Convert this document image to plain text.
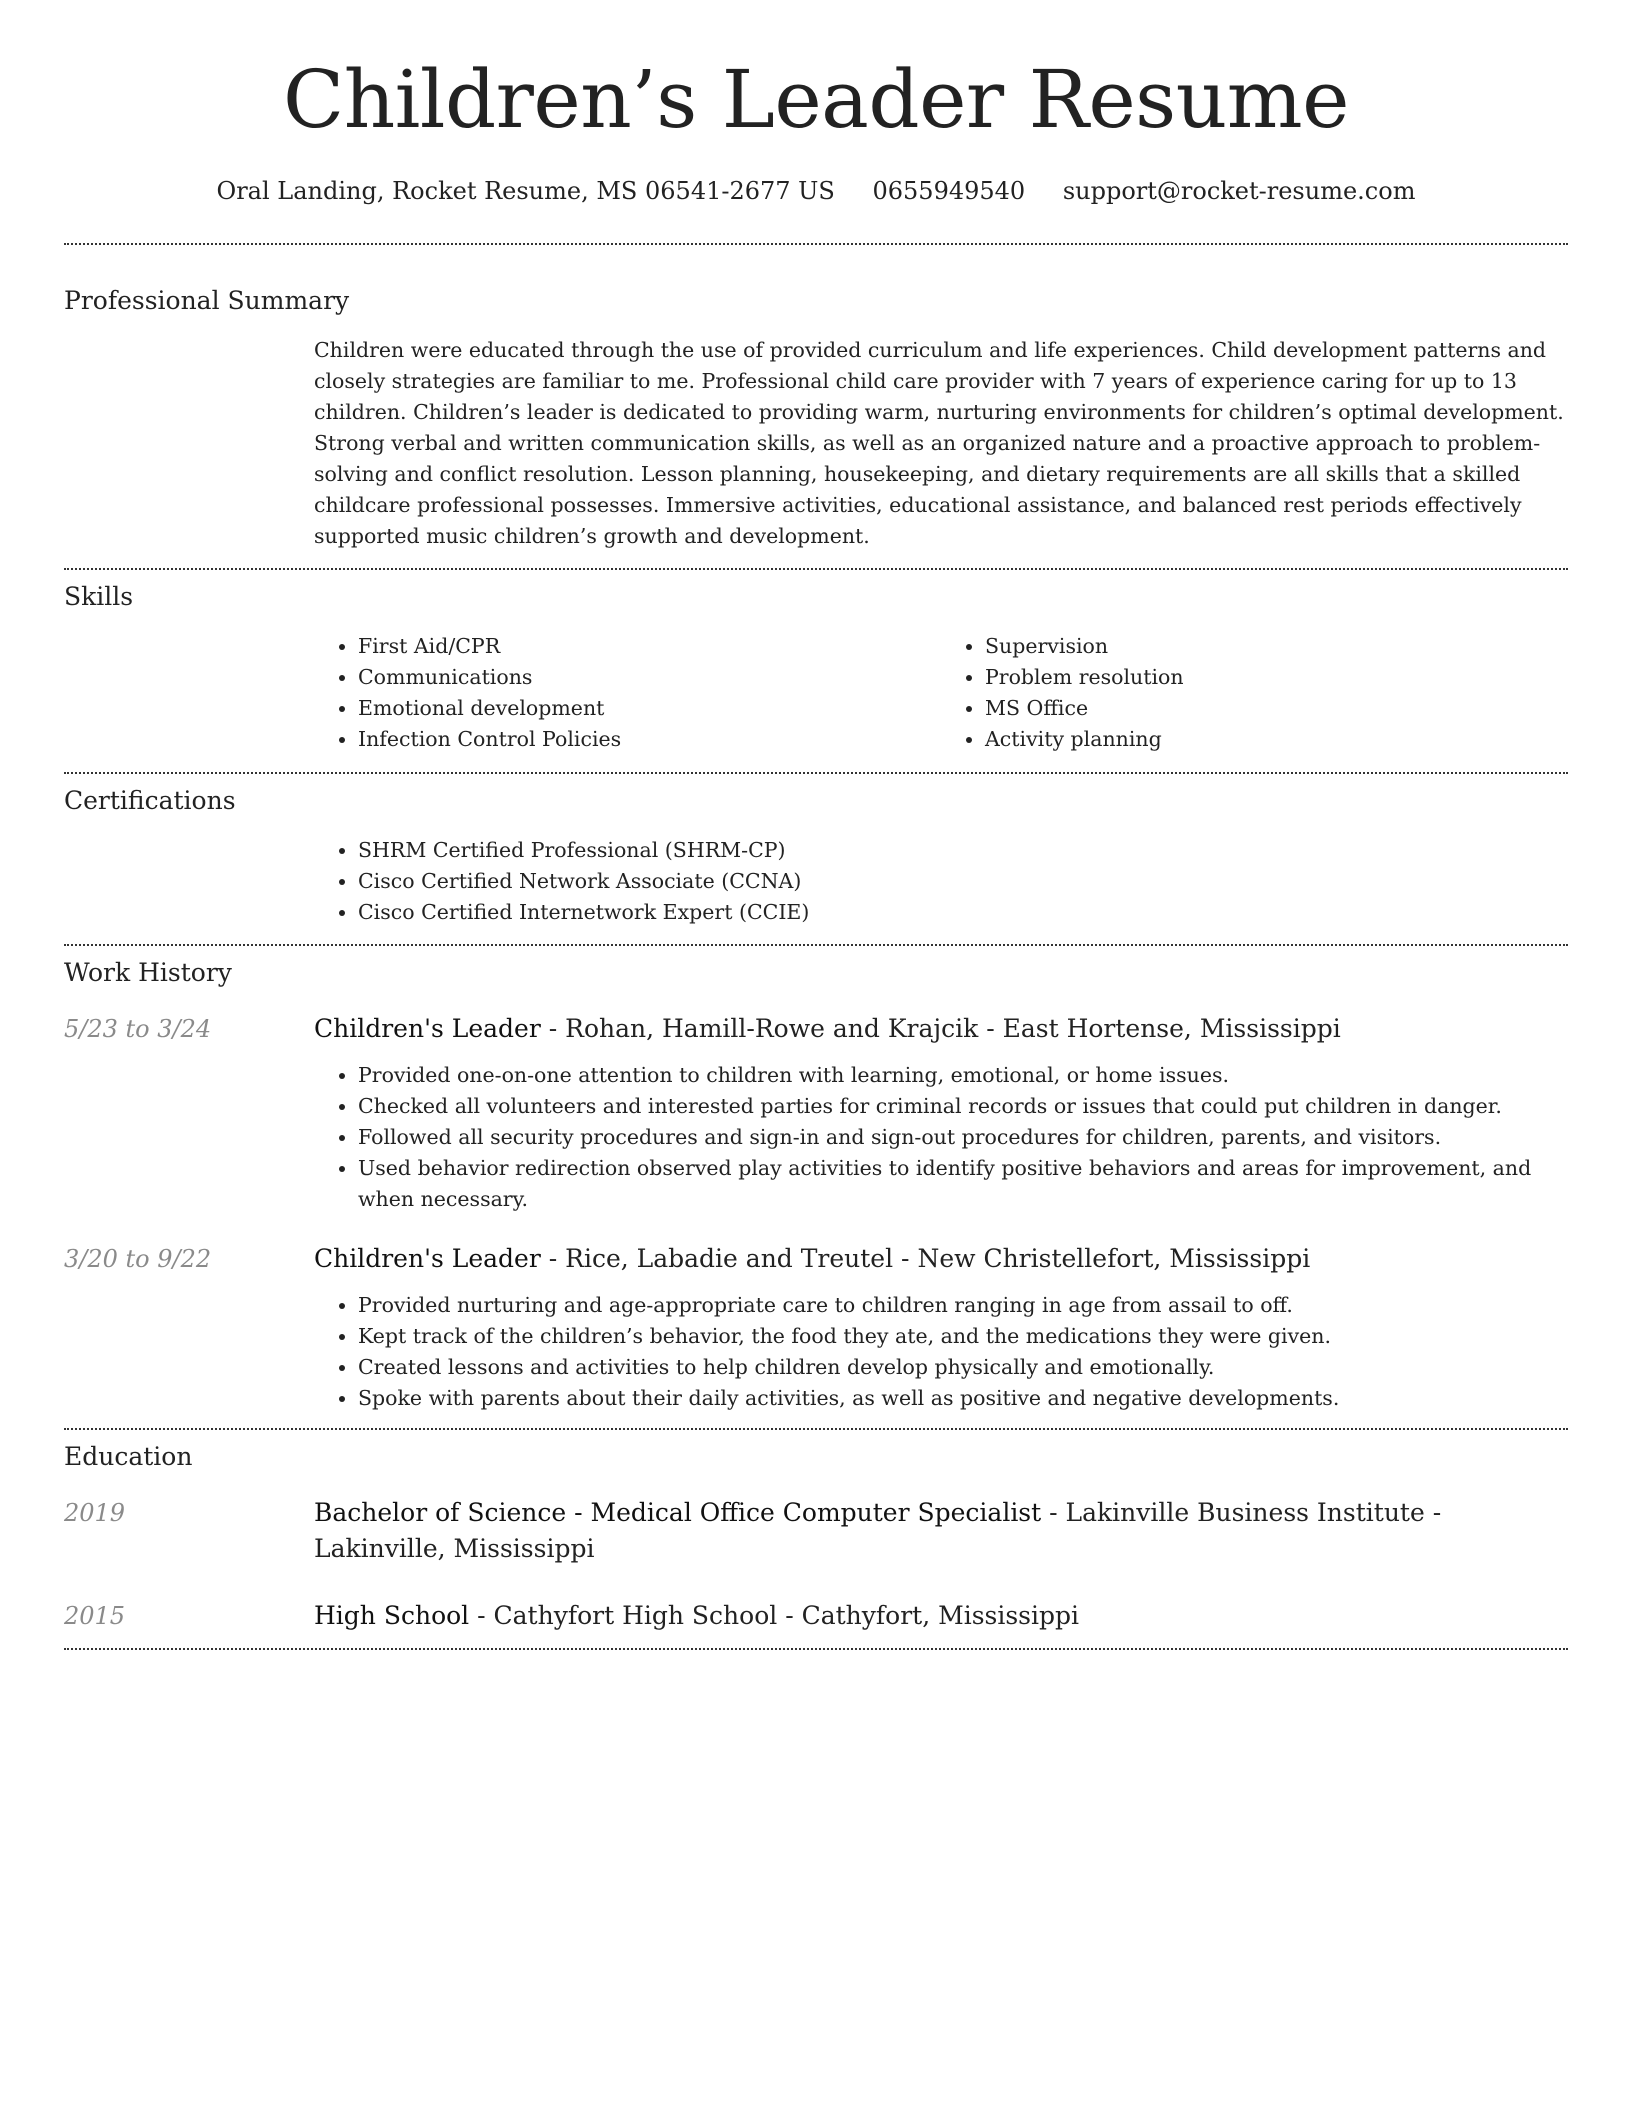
Children’s Leader Resume
Oral Landing, Rocket Resume, MS 06541-2677 US 0655949540 support@rocket-resume.com
Professional Summary

Children were educated through the use of provided curriculum and life experiences. Child development patterns and closely strategies are familiar to me. Professional child care provider with 7 years of experience caring for up to 13 children. Children’s leader is dedicated to providing warm, nurturing environments for children’s optimal development. Strong verbal and written communication skills, as well as an organized nature and a proactive approach to problem-solving and conflict resolution. Lesson planning, housekeeping, and dietary requirements are all skills that a skilled childcare professional possesses. Immersive activities, educational assistance, and balanced rest periods effectively supported music children’s growth and development.

Skills
• First Aid/CPR
• Communications
• Emotional development
• Infection Control Policies
• Supervision
• Problem resolution
• MS Office
• Activity planning
Certifications
• SHRM Certified Professional (SHRM-CP)
• Cisco Certified Network Associate (CCNA)
• Cisco Certified Internetwork Expert (CCIE)
Work History
5/23 to 3/24	Children's Leader - Rohan, Hamill-Rowe and Krajcik - East Hortense, Mississippi
• Provided one-on-one attention to children with learning, emotional, or home issues.
• Checked all volunteers and interested parties for criminal records or issues that could put children in danger.
• Followed all security procedures and sign-in and sign-out procedures for children, parents, and visitors.
• Used behavior redirection observed play activities to identify positive behaviors and areas for improvement, and when necessary.
3/20 to 9/22	Children's Leader - Rice, Labadie and Treutel - New Christellefort, Mississippi
• Provided nurturing and age-appropriate care to children ranging in age from assail to off.
• Kept track of the children’s behavior, the food they ate, and the medications they were given.
• Created lessons and activities to help children develop physically and emotionally.
• Spoke with parents about their daily activities, as well as positive and negative developments.
Education
2019	Bachelor of Science - Medical Office Computer Specialist - Lakinville Business Institute - Lakinville, Mississippi
2015	High School - Cathyfort High School - Cathyfort, Mississippi
